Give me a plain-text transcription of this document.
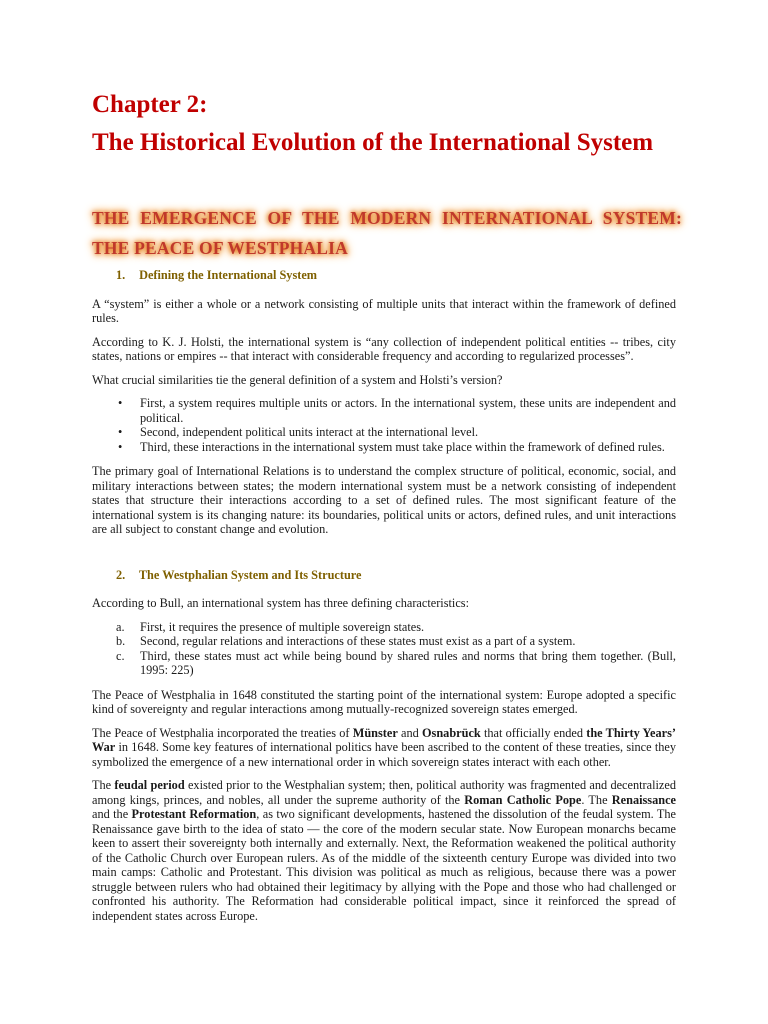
Chapter 2:
The Historical Evolution of the International System
THE EMERGENCE OF THE MODERN INTERNATIONAL SYSTEM:
THE PEACE OF WESTPHALIA
1. Defining the International System

A “system” is either a whole or a network consisting of multiple units that interact within the framework of defined rules.

According to K. J. Holsti, the international system is “any collection of independent political entities -- tribes, city states, nations or empires -- that interact with considerable frequency and according to regularized processes”.

What crucial similarities tie the general definition of a system and Holsti’s version?

• First, a system requires multiple units or actors. In the international system, these units are independent and political.
• Second, independent political units interact at the international level.
• Third, these interactions in the international system must take place within the framework of defined rules.

The primary goal of International Relations is to understand the complex structure of political, economic, social, and military interactions between states; the modern international system must be a network consisting of independent states that structure their interactions according to a set of defined rules. The most significant feature of the international system is its changing nature: its boundaries, political units or actors, defined rules, and unit interactions are all subject to constant change and evolution.

2. The Westphalian System and Its Structure

According to Bull, an international system has three defining characteristics:

a. First, it requires the presence of multiple sovereign states.
b. Second, regular relations and interactions of these states must exist as a part of a system.
c. Third, these states must act while being bound by shared rules and norms that bring them together. (Bull, 1995: 225)

The Peace of Westphalia in 1648 constituted the starting point of the international system: Europe adopted a specific kind of sovereignty and regular interactions among mutually-recognized sovereign states emerged.

The Peace of Westphalia incorporated the treaties of Münster and Osnabrück that officially ended the Thirty Years’ War in 1648. Some key features of international politics have been ascribed to the content of these treaties, since they symbolized the emergence of a new international order in which sovereign states interact with each other.

The feudal period existed prior to the Westphalian system; then, political authority was fragmented and decentralized among kings, princes, and nobles, all under the supreme authority of the Roman Catholic Pope. The Renaissance and the Protestant Reformation, as two significant developments, hastened the dissolution of the feudal system. The Renaissance gave birth to the idea of stato — the core of the modern secular state. Now European monarchs became keen to assert their sovereignty both internally and externally. Next, the Reformation weakened the political authority of the Catholic Church over European rulers. As of the middle of the sixteenth century Europe was divided into two main camps: Catholic and Protestant. This division was political as much as religious, because there was a power struggle between rulers who had obtained their legitimacy by allying with the Pope and those who had challenged or confronted his authority. The Reformation had considerable political impact, since it reinforced the spread of independent states across Europe.
